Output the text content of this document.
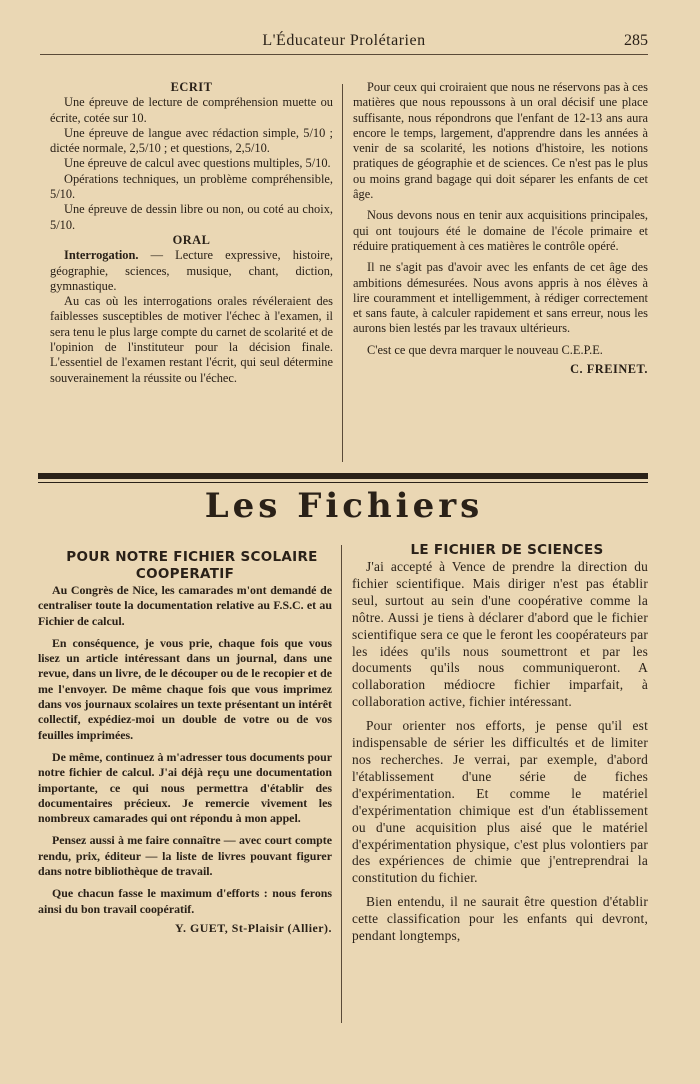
L'Éducateur Prolétarien	285

ECRIT

Une épreuve de lecture de compréhension muette ou écrite, cotée sur 10.

Une épreuve de langue avec rédaction simple, 5/10 ; dictée normale, 2,5/10 ; et questions, 2,5/10.

Une épreuve de calcul avec questions multiples, 5/10.

Opérations techniques, un problème compréhensible, 5/10.

Une épreuve de dessin libre ou non, ou coté au choix, 5/10.

ORAL

Interrogation. — Lecture expressive, histoire, géographie, sciences, musique, chant, diction, gymnastique.

Au cas où les interrogations orales révéleraient des faiblesses susceptibles de motiver l'échec à l'examen, il sera tenu le plus large compte du carnet de scolarité et de l'opinion de l'instituteur pour la décision finale. L'essentiel de l'examen restant l'écrit, qui seul détermine souverainement la réussite ou l'échec.

Pour ceux qui croiraient que nous ne réservons pas à ces matières que nous repoussons à un oral décisif une place suffisante, nous répondrons que l'enfant de 12-13 ans aura encore le temps, largement, d'apprendre dans les années à venir de sa scolarité, les notions d'histoire, les notions pratiques de géographie et de sciences. Ce n'est pas le plus ou moins grand bagage qui doit séparer les enfants de cet âge.

Nous devons nous en tenir aux acquisitions principales, qui ont toujours été le domaine de l'école primaire et réduire pratiquement à ces matières le contrôle opéré.

Il ne s'agit pas d'avoir avec les enfants de cet âge des ambitions démesurées. Nous avons appris à nos élèves à lire couramment et intelligemment, à rédiger correctement et sans faute, à calculer rapidement et sans erreur, nous les aurons bien lestés par les travaux ultérieurs.

C'est ce que devra marquer le nouveau C.E.P.E.

C. FREINET.

Les Fichiers

POUR NOTRE FICHIER SCOLAIRE COOPERATIF

Au Congrès de Nice, les camarades m'ont demandé de centraliser toute la documentation relative au F.S.C. et au Fichier de calcul.

En conséquence, je vous prie, chaque fois que vous lisez un article intéressant dans un journal, dans une revue, dans un livre, de le découper ou de le recopier et de me l'envoyer. De même chaque fois que vous imprimez dans vos journaux scolaires un texte présentant un intérêt collectif, expédiez-moi un double de votre ou de vos feuilles imprimées.

De même, continuez à m'adresser tous documents pour notre fichier de calcul. J'ai déjà reçu une documentation importante, ce qui nous permettra d'établir des documentaires précieux. Je remercie vivement les nombreux camarades qui ont répondu à mon appel.

Pensez aussi à me faire connaître — avec court compte rendu, prix, éditeur — la liste de livres pouvant figurer dans notre bibliothèque de travail.

Que chacun fasse le maximum d'efforts : nous ferons ainsi du bon travail coopératif.

Y. GUET, St-Plaisir (Allier).

LE FICHIER DE SCIENCES

J'ai accepté à Vence de prendre la direction du fichier scientifique. Mais diriger n'est pas établir seul, surtout au sein d'une coopérative comme la nôtre. Aussi je tiens à déclarer d'abord que le fichier scientifique sera ce que le feront les coopérateurs par les idées qu'ils nous soumettront et par les documents qu'ils nous communiqueront. A collaboration médiocre fichier imparfait, à collaboration active, fichier intéressant.

Pour orienter nos efforts, je pense qu'il est indispensable de sérier les difficultés et de limiter nos recherches. Je verrai, par exemple, d'abord l'établissement d'une série de fiches d'expérimentation. Et comme le matériel d'expérimentation chimique est d'un établissement ou d'une acquisition plus aisé que le matériel d'expérimentation physique, c'est plus volontiers par des expériences de chimie que j'entreprendrai la constitution du fichier.

Bien entendu, il ne saurait être question d'établir cette classification pour les enfants qui devront, pendant longtemps,
